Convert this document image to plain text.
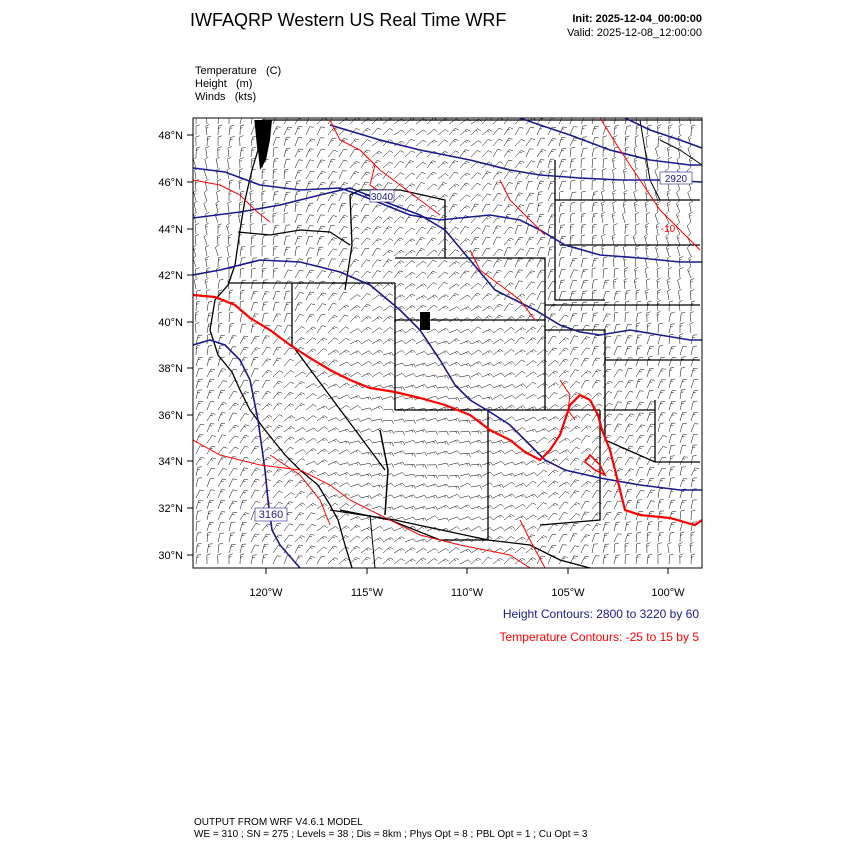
IWFAQRP Western US Real Time WRF	Init: 2025-12-04_00:00:00
Valid: 2025-12-08_12:00:00
Temperature (C)
Height (m)
Winds (kts)
3160
3040
2920
-10
48°N
46°N
44°N
42°N
40°N
38°N
36°N
34°N
32°N
30°N
120°W	115°W	110°W	105°W	100°W
Height Contours: 2800 to 3220 by 60
Temperature Contours: -25 to 15 by 5
OUTPUT FROM WRF V4.6.1 MODEL
WE = 310 ; SN = 275 ; Levels = 38 ; Dis = 8km ; Phys Opt = 8 ; PBL Opt = 1 ; Cu Opt = 3
